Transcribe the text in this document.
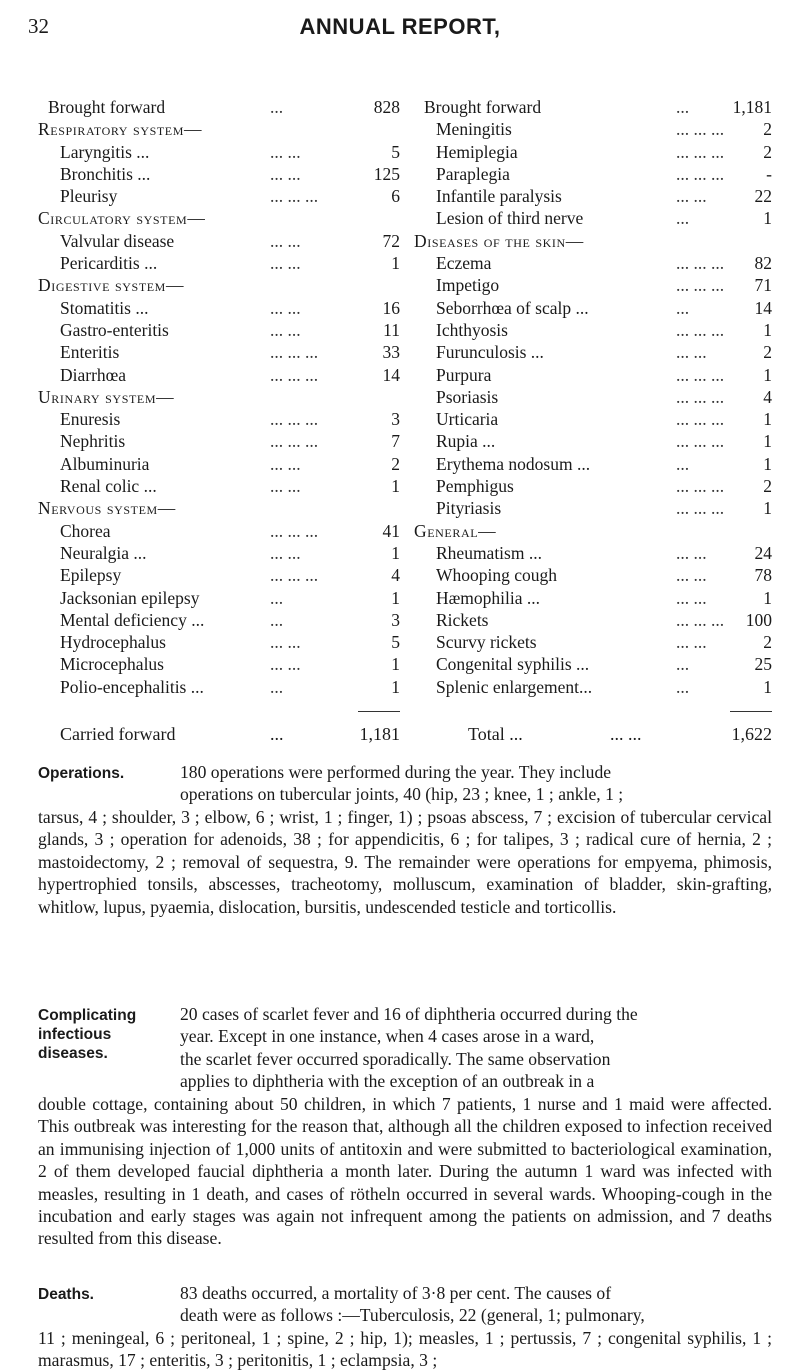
32	ANNUAL REPORT,
Brought forward	...	828
Respiratory system—
Laryngitis ...	... ...	5
Bronchitis ...	... ...	125
Pleurisy	... ... ...	6
Circulatory system—
Valvular disease	... ...	72
Pericarditis ...	... ...	1
Digestive system—
Stomatitis ...	... ...	16
Gastro-enteritis	... ...	11
Enteritis	... ... ...	33
Diarrhœa	... ... ...	14
Urinary system—
Enuresis	... ... ...	3
Nephritis	... ... ...	7
Albuminuria	... ...	2
Renal colic ...	... ...	1
Nervous system—
Chorea	... ... ...	41
Neuralgia ...	... ...	1
Epilepsy	... ... ...	4
Jacksonian epilepsy	...	1
Mental deficiency ...	...	3
Hydrocephalus	... ...	5
Microcephalus	... ...	1
Polio-encephalitis ...	...	1
Brought forward	... 1,181
Meningitis	... ... ... 2
Hemiplegia	... ... ... 2
Paraplegia	... ... ... -
Infantile paralysis	... ...	22
Lesion of third nerve	...	1
Diseases of the skin—
Eczema	... ... ... 82
Impetigo	... ... ... 71
Seborrhœa of scalp ...	...	14
Ichthyosis	... ... ... 1
Furunculosis ...	... ...	2
Purpura	... ... ... 1
Psoriasis	... ... ... 4
Urticaria	... ... ... 1
Rupia ...	... ... ... 1
Erythema nodosum ...	...	1
Pemphigus	... ... ... 2
Pityriasis	... ... ... 1
General—
Rheumatism ...	... ...	24
Whooping cough	... ...	78
Hæmophilia ...	... ...	1
Rickets	... ... ... 100
Scurvy rickets	... ...	2
Congenital syphilis ...	...	25
Splenic enlargement...	...	1
Carried forward	...	1,181	Total ...	... ...	1,622
Operations.	180 operations were performed during the year. They include
operations on tubercular joints, 40 (hip, 23 ; knee, 1 ; ankle, 1 ;
tarsus, 4 ; shoulder, 3 ; elbow, 6 ; wrist, 1 ; finger, 1) ; psoas abscess, 7 ; excision of tubercular cervical glands, 3 ; operation for adenoids, 38 ; for appendicitis, 6 ; for talipes, 3 ; radical cure of hernia, 2 ; mastoidectomy, 2 ; removal of sequestra, 9. The remainder were operations for empyema, phimosis, hypertrophied tonsils, abscesses, tracheotomy, molluscum, examination of bladder, skin-grafting, whitlow, lupus, pyaemia, dislocation, bursitis, undescended testicle and torticollis.
Complicating
infectious
diseases.
20 cases of scarlet fever and 16 of diphtheria occurred during the
year. Except in one instance, when 4 cases arose in a ward,
the scarlet fever occurred sporadically. The same observation
applies to diphtheria with the exception of an outbreak in a
double cottage, containing about 50 children, in which 7 patients, 1 nurse and 1 maid were affected. This outbreak was interesting for the reason that, although all the children exposed to infection received an immunising injection of 1,000 units of antitoxin and were submitted to bacteriological examination, 2 of them developed faucial diphtheria a month later. During the autumn 1 ward was infected with measles, resulting in 1 death, and cases of rötheln occurred in several wards. Whooping-cough in the incubation and early stages was again not infrequent among the patients on admission, and 7 deaths resulted from this disease.
Deaths.	83 deaths occurred, a mortality of 3·8 per cent. The causes of
death were as follows :—Tuberculosis, 22 (general, 1; pulmonary,
11 ; meningeal, 6 ; peritoneal, 1 ; spine, 2 ; hip, 1); measles, 1 ; pertussis, 7 ; congenital syphilis, 1 ; marasmus, 17 ; enteritis, 3 ; peritonitis, 1 ; eclampsia, 3 ;
